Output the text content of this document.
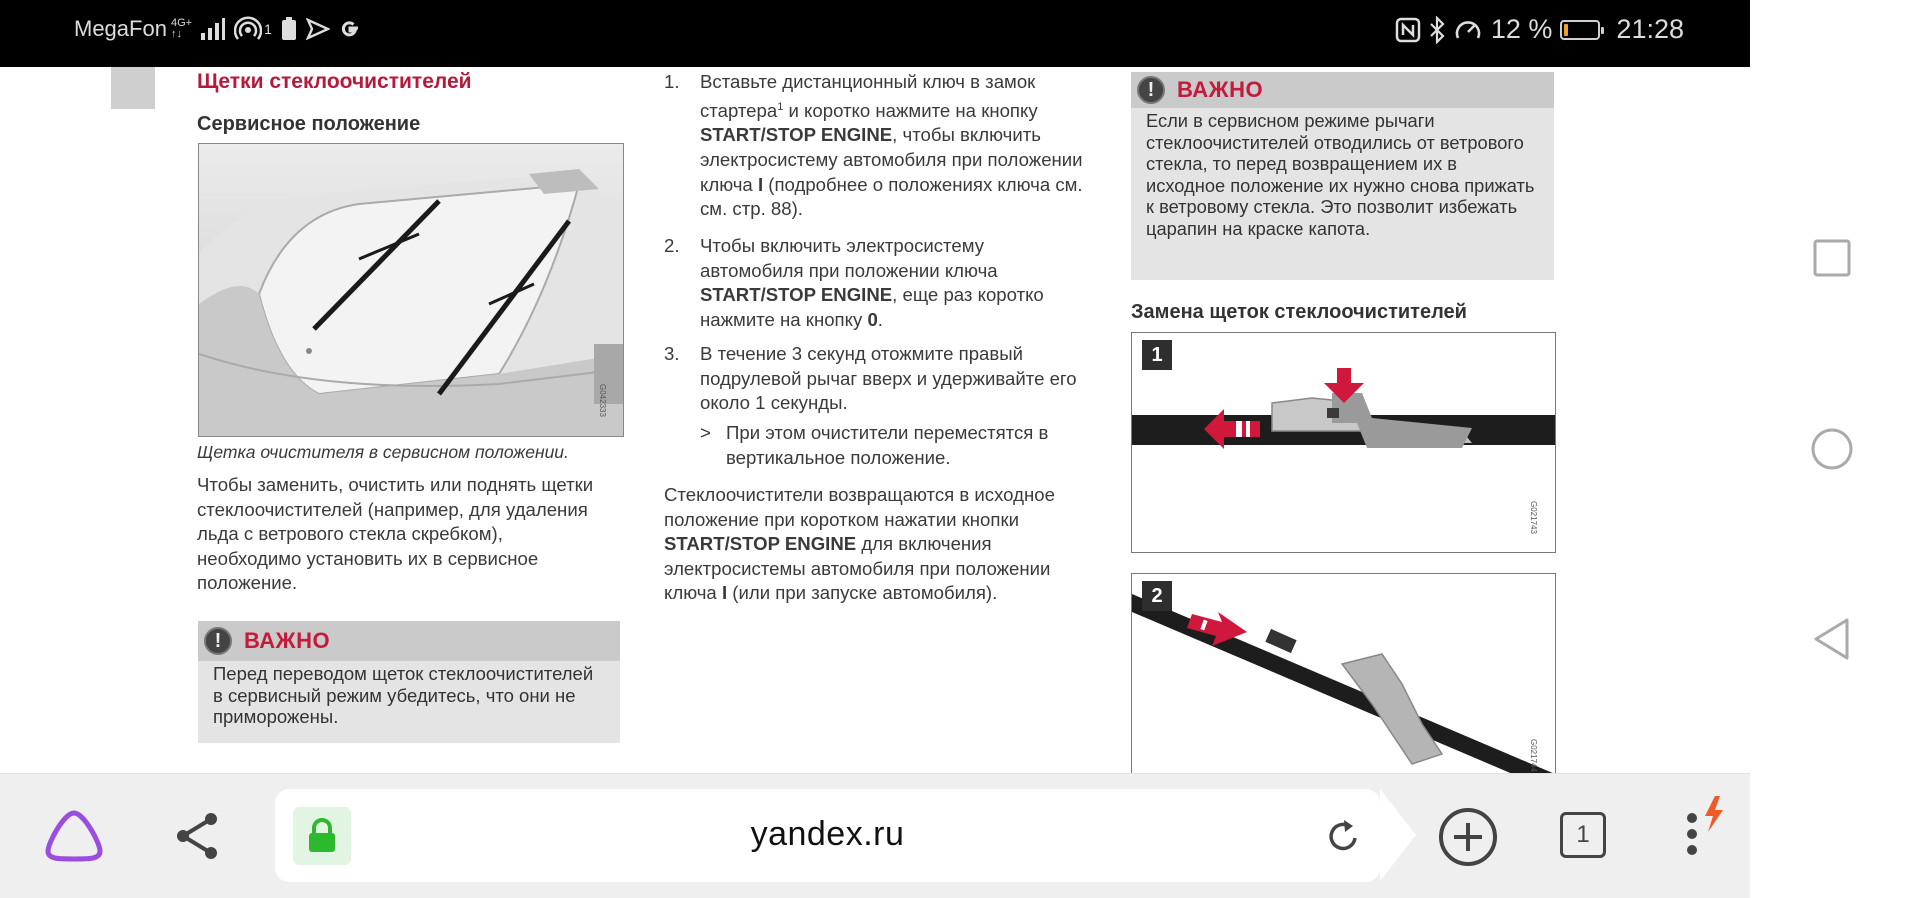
MegaFon 4G+
↑↓	1	12 % 21:28
Щетки стеклоочистителей
Сервисное положение
G042333
Щетка очистителя в сервисном положении.
Чтобы заменить, очистить или поднять щетки стеклоочистителей (например, для удаления льда с ветрового стекла скребком), необходимо установить их в сервисное положение.
!	ВАЖНО
Перед переводом щеток стеклоочистителей в сервисный режим убедитесь, что они не приморожены.
1. Вставьте дистанционный ключ в замок стартера$^1$ и коротко нажмите на кнопку START/STOP ENGINE, чтобы включить электросистему автомобиля при положении ключа I (подробнее о положениях ключа см. см. стр. 88).
2. Чтобы включить электросистему автомобиля при положении ключа START/STOP ENGINE, еще раз коротко нажмите на кнопку 0.
3. В течение 3 секунд отожмите правый подрулевой рычаг вверх и удерживайте его около 1 секунды.
> При этом очистители переместятся в вертикальное положение.
Стеклоочистители возвращаются в исходное положение при коротком нажатии кнопки START/STOP ENGINE для включения электросистемы автомобиля при положении ключа I (или при запуске автомобиля).
!	ВАЖНО
Если в сервисном режиме рычаги стеклоочистителей отводились от ветрового стекла, то перед возвращением их в исходное положение их нужно снова прижать к ветровому стекла. Это позволит избежать царапин на краске капота.
Замена щеток стеклоочистителей
1
G021743
2
G021744
yandex.ru	1
